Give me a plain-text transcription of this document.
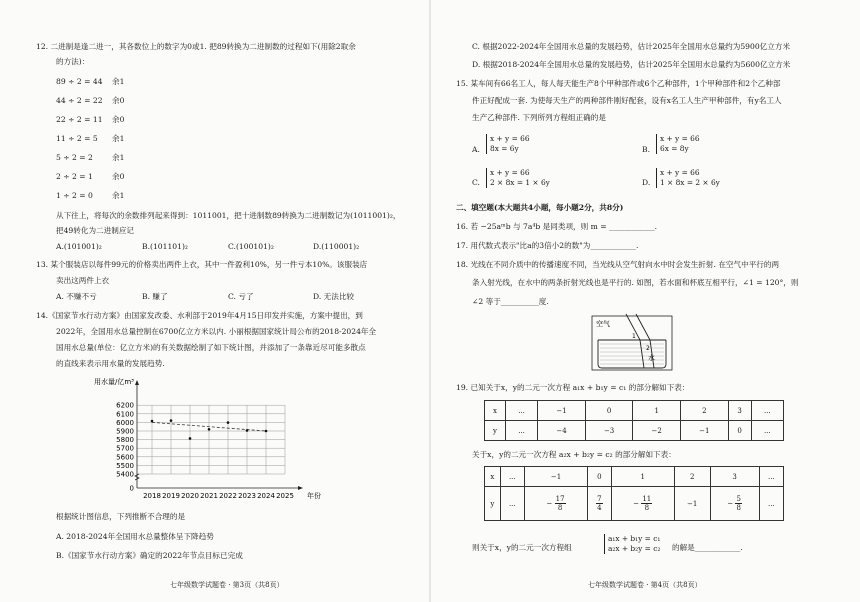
12. 二进制是逢二进一，其各数位上的数字为0或1. 把89转换为二进制数的过程如下(用除2取余
的方法)：
89 ÷ 2 = 44 余1
44 ÷ 2 = 22 余0
22 ÷ 2 = 11 余0
11 ÷ 2 = 5 余1
5 ÷ 2 = 2	余1
2 ÷ 2 = 1	余0
1 ÷ 2 = 0	余1
从下往上，将每次的余数排列起来得到：1011001，把十进制数89转换为二进制数记为(1011001)₂，
把49转化为二进制应记
A.(101001)₂	B.(101101)₂	C.(100101)₂	D.(110001)₂
13. 某个服装店以每件99元的价格卖出两件上衣，其中一件盈利10%，另一件亏本10%。该服装店
卖出这两件上衣
A. 不赚不亏	B. 赚了	C. 亏了	D. 无法比较
14.《国家节水行动方案》由国家发改委、水利部于2019年4月15日印发并实施，方案中提出，到
2022年，全国用水总量控制在6700亿立方米以内. 小丽根据国家统计局公布的2018-2024年全
国用水总量(单位：亿立方米)的有关数据绘制了如下统计图，并添加了一条靠近尽可能多散点
的直线来表示用水量的发展趋势.
0
5400
5500
5600
5700
5800
5900
6000
6100
6200
2018 2019 2020 2021 2022 2023 2024 2025 年份
用水量/亿m³
根据统计图信息，下列推断不合理的是
A. 2018-2024年全国用水总量整体呈下降趋势
B.《国家节水行动方案》确定的2022年节点目标已完成
七年级数学试题卷 · 第3页（共8页）
C. 根据2022-2024年全国用水总量的发展趋势，估计2025年全国用水总量约为5900亿立方米
D. 根据2018-2024年全国用水总量的发展趋势，估计2025年全国用水总量约为5600亿立方米
15. 某车间有66名工人，每人每天能生产8个甲种部件或6个乙种部件，1个甲种部件和2个乙种部
件正好配成一套. 为使每天生产的两种部件刚好配套，设有x名工人生产甲种部件，有y名工人
生产乙种部件. 下列所列方程组正确的是
A.
x + y = 66
8x = 6y	B.
x + y = 66
6x = 8y
C.
x + y = 66
2 × 8x = 1 × 6y	D.
x + y = 66
1 × 8x = 2 × 6y
二、填空题(本大题共4小题，每小题2分，共8分)
16. 若 −25aᵐb 与 7a⁴b 是同类项，则 m = ____________.
17. 用代数式表示"比a的3倍小2的数"为____________.
18. 光线在不同介质中的传播速度不同，当光线从空气射向水中时会发生折射. 在空气中平行的两
条入射光线，在水中的两条折射光线也是平行的. 如图，若水面和杯底互相平行，∠1 = 120°，则
∠2 等于__________度.
空气
水
1
2
19. 已知关于x，y的二元一次方程 a₁x + b₁y = c₁ 的部分解如下表：
x	...	−1	0	1	2	3	...
y	...	−4	−3	−2	−1	0	...
关于x，y的二元一次方程 a₂x + b₂y = c₂ 的部分解如下表：
x	...	−1	0	1	2	3	...
y	...	− $\frac{17}{8}$	$\frac{7}{4}$	− $\frac{11}{8}$	−1	− $\frac{5}{8}$	...
则关于x，y的二元一次方程组
a₁x + b₁y = c₁
a₂x + b₂y = c₂ 的解是____________.
七年级数学试题卷 · 第4页（共8页）
